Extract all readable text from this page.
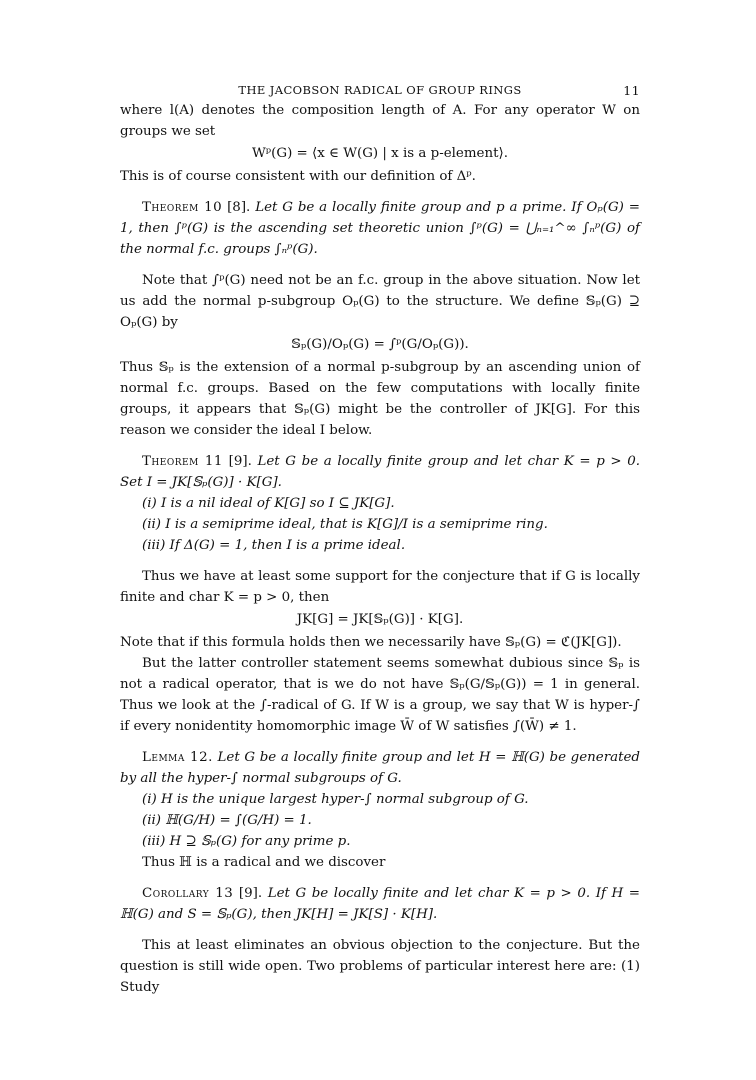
THE JACOBSON RADICAL OF GROUP RINGS	11

where l(A) denotes the composition length of A. For any operator W on groups we set

Wᵖ(G) = ⟨x ∈ W(G) | x is a p-element⟩.

This is of course consistent with our definition of Δᵖ.

Theorem 10 [8]. Let G be a locally finite group and p a prime. If Oₚ(G) = 1, then ∫ᵖ(G) is the ascending set theoretic union ∫ᵖ(G) = ⋃ₙ₌₁^∞ ∫ₙᵖ(G) of the normal f.c. groups ∫ₙᵖ(G).

Note that ∫ᵖ(G) need not be an f.c. group in the above situation. Now let us add the normal p-subgroup Oₚ(G) to the structure. We define 𝕊ₚ(G) ⊇ Oₚ(G) by

𝕊ₚ(G)/Oₚ(G) = ∫ᵖ(G/Oₚ(G)).

Thus 𝕊ₚ is the extension of a normal p-subgroup by an ascending union of normal f.c. groups. Based on the few computations with locally finite groups, it appears that 𝕊ₚ(G) might be the controller of JK[G]. For this reason we consider the ideal I below.

Theorem 11 [9]. Let G be a locally finite group and let char K = p > 0. Set I = JK[𝕊ₚ(G)] · K[G].

(i) I is a nil ideal of K[G] so I ⊆ JK[G].

(ii) I is a semiprime ideal, that is K[G]/I is a semiprime ring.

(iii) If Δ(G) = 1, then I is a prime ideal.

Thus we have at least some support for the conjecture that if G is locally finite and char K = p > 0, then

JK[G] = JK[𝕊ₚ(G)] · K[G].

Note that if this formula holds then we necessarily have 𝕊ₚ(G) = ℭ(JK[G]).

But the latter controller statement seems somewhat dubious since 𝕊ₚ is not a radical operator, that is we do not have 𝕊ₚ(G/𝕊ₚ(G)) = 1 in general. Thus we look at the ∫-radical of G. If W is a group, we say that W is hyper-∫ if every nonidentity homomorphic image W̄ of W satisfies ∫(W̄) ≠ 1.

Lemma 12. Let G be a locally finite group and let H = ℍ(G) be generated by all the hyper-∫ normal subgroups of G.

(i) H is the unique largest hyper-∫ normal subgroup of G.

(ii) ℍ(G/H) = ∫(G/H) = 1.

(iii) H ⊇ 𝕊ₚ(G) for any prime p.

Thus ℍ is a radical and we discover

Corollary 13 [9]. Let G be locally finite and let char K = p > 0. If H = ℍ(G) and S = 𝕊ₚ(G), then JK[H] = JK[S] · K[H].

This at least eliminates an obvious objection to the conjecture. But the question is still wide open. Two problems of particular interest here are: (1) Study
